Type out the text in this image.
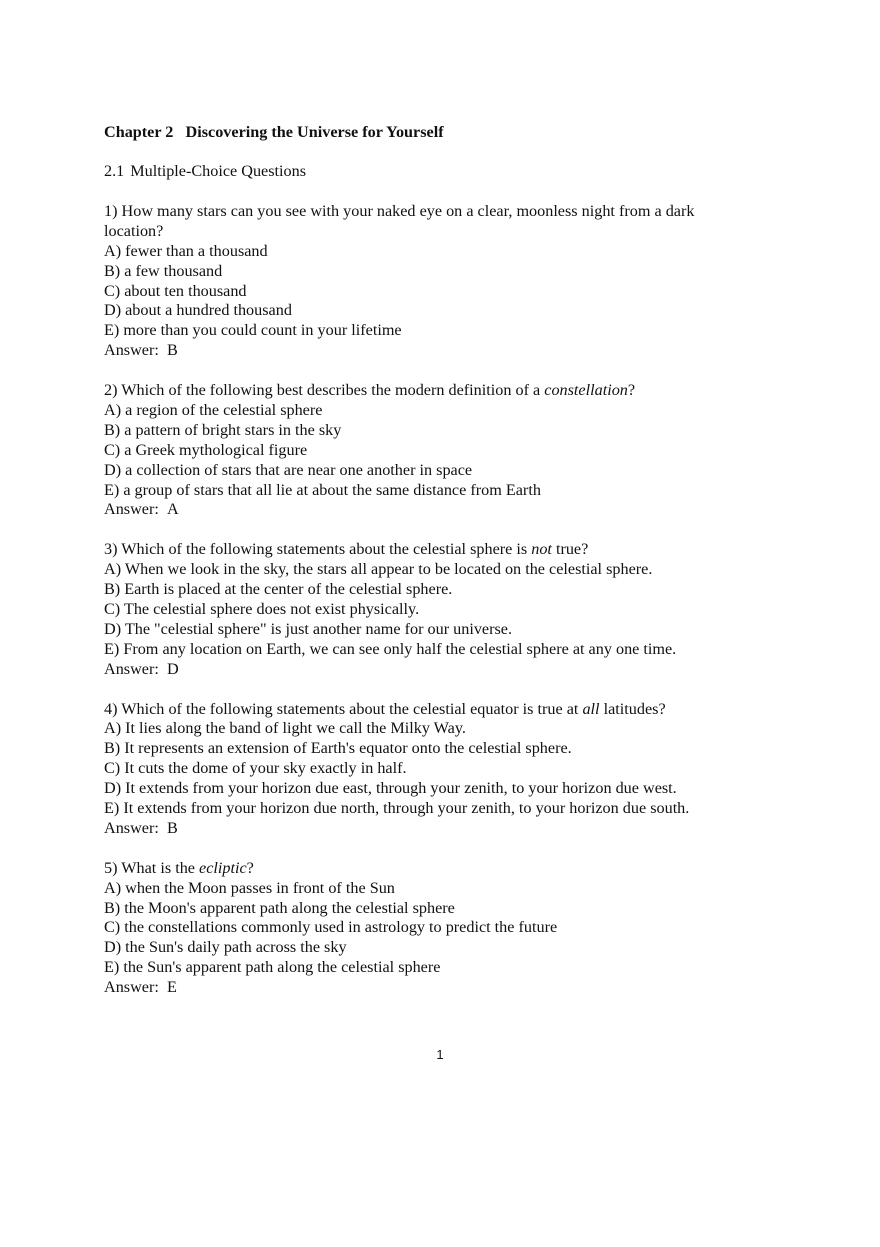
Chapter 2 Discovering the Universe for Yourself
2.1 Multiple-Choice Questions
1) How many stars can you see with your naked eye on a clear, moonless night from a dark
location?
A) fewer than a thousand
B) a few thousand
C) about ten thousand
D) about a hundred thousand
E) more than you could count in your lifetime
Answer: B
2) Which of the following best describes the modern definition of a constellation?
A) a region of the celestial sphere
B) a pattern of bright stars in the sky
C) a Greek mythological figure
D) a collection of stars that are near one another in space
E) a group of stars that all lie at about the same distance from Earth
Answer: A
3) Which of the following statements about the celestial sphere is not true?
A) When we look in the sky, the stars all appear to be located on the celestial sphere.
B) Earth is placed at the center of the celestial sphere.
C) The celestial sphere does not exist physically.
D) The "celestial sphere" is just another name for our universe.
E) From any location on Earth, we can see only half the celestial sphere at any one time.
Answer: D
4) Which of the following statements about the celestial equator is true at all latitudes?
A) It lies along the band of light we call the Milky Way.
B) It represents an extension of Earth's equator onto the celestial sphere.
C) It cuts the dome of your sky exactly in half.
D) It extends from your horizon due east, through your zenith, to your horizon due west.
E) It extends from your horizon due north, through your zenith, to your horizon due south.
Answer: B
5) What is the ecliptic?
A) when the Moon passes in front of the Sun
B) the Moon's apparent path along the celestial sphere
C) the constellations commonly used in astrology to predict the future
D) the Sun's daily path across the sky
E) the Sun's apparent path along the celestial sphere
Answer: E
1
